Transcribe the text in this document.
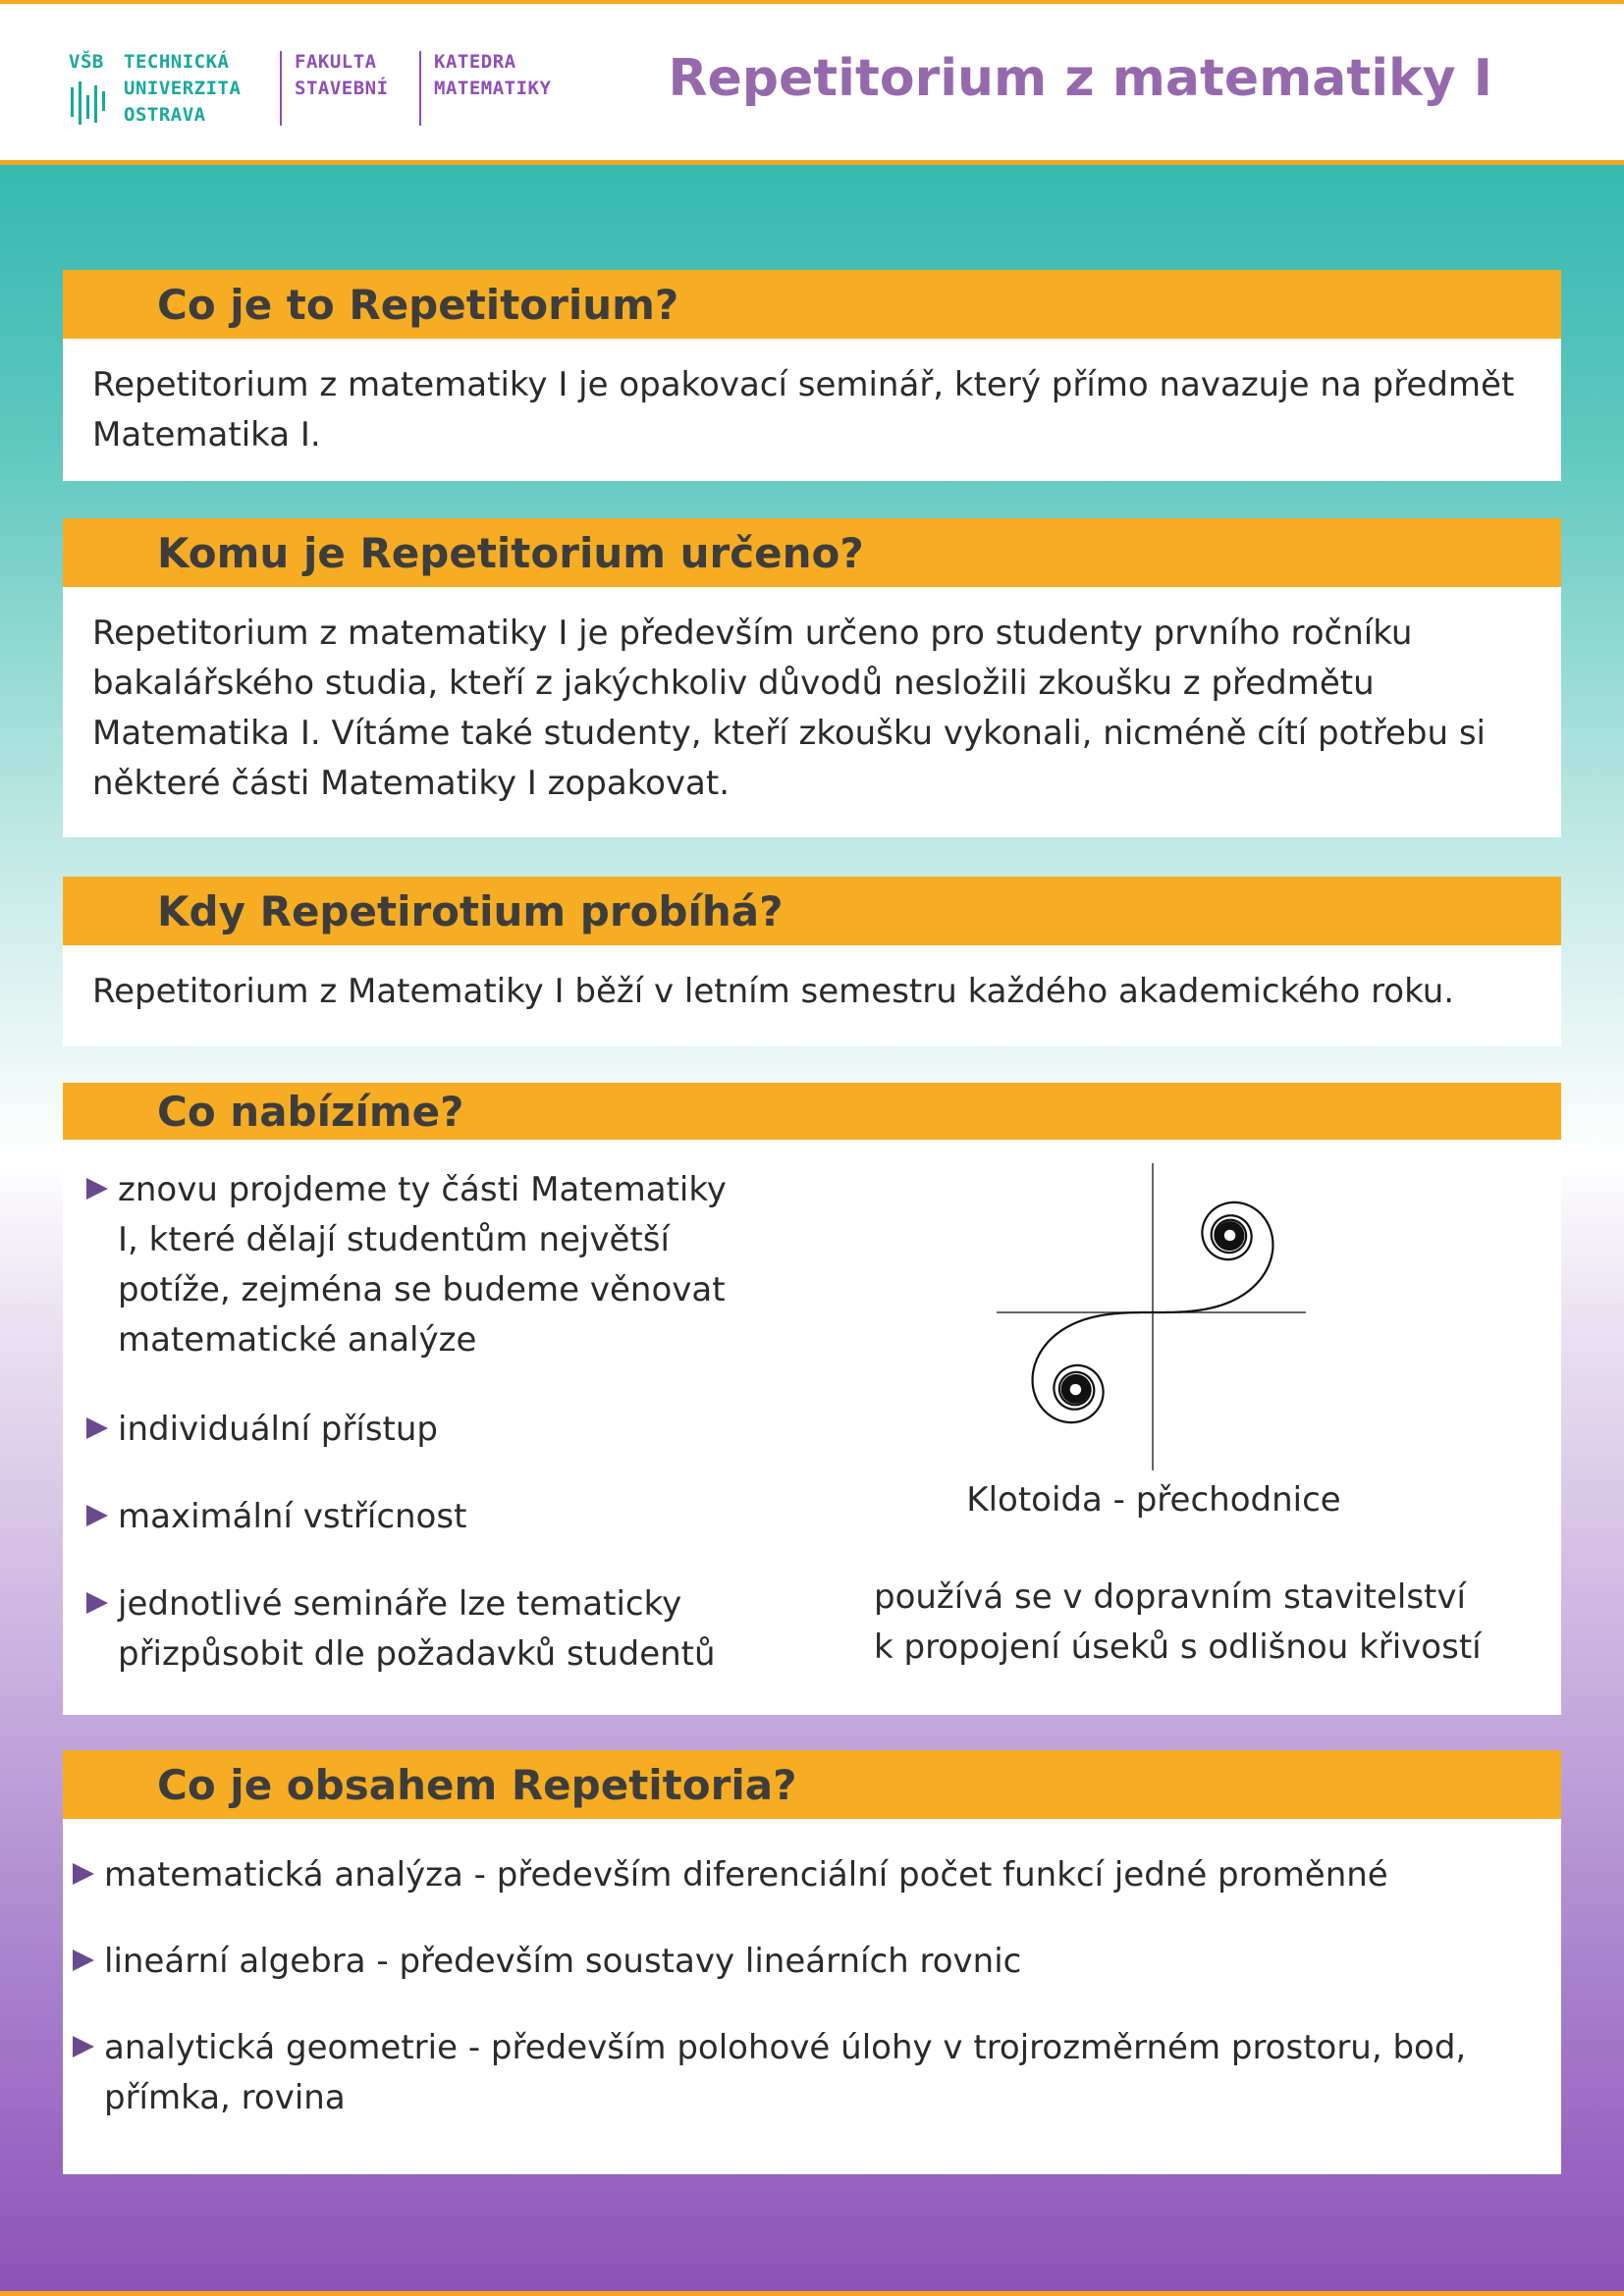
VŠB TECHNICKÁ
UNIVERZITA
OSTRAVA
FAKULTA
STAVEBNÍ
KATEDRA
MATEMATIKY Repetitorium z matematiky I
Co je to Repetitorium?

Repetitorium z matematiky I je opakovací seminář, který přímo navazuje na předmět Matematika I.

Komu je Repetitorium určeno?

Repetitorium z matematiky I je především určeno pro studenty prvního ročníku bakalářského studia, kteří z jakýchkoliv důvodů nesložili zkoušku z předmětu Matematika I. Vítáme také studenty, kteří zkoušku vykonali, nicméně cítí potřebu si některé části Matematiky I zopakovat.

Kdy Repetirotium probíhá?

Repetitorium z Matematiky I běží v letním semestru každého akademického roku.

Co nabízíme?
znovu projdeme ty části Matematiky
I, které dělají studentům největší
potíže, zejména se budeme věnovat
matematické analýze
individuální přístup
maximální vstřícnost
jednotlivé semináře lze tematicky
přizpůsobit dle požadavků studentů
Klotoida - přechodnice
používá se v dopravním stavitelství
k propojení úseků s odlišnou křivostí
Co je obsahem Repetitoria?
matematická analýza - především diferenciální počet funkcí jedné proměnné
lineární algebra - především soustavy lineárních rovnic
analytická geometrie - především polohové úlohy v trojrozměrném prostoru, bod,
přímka, rovina
